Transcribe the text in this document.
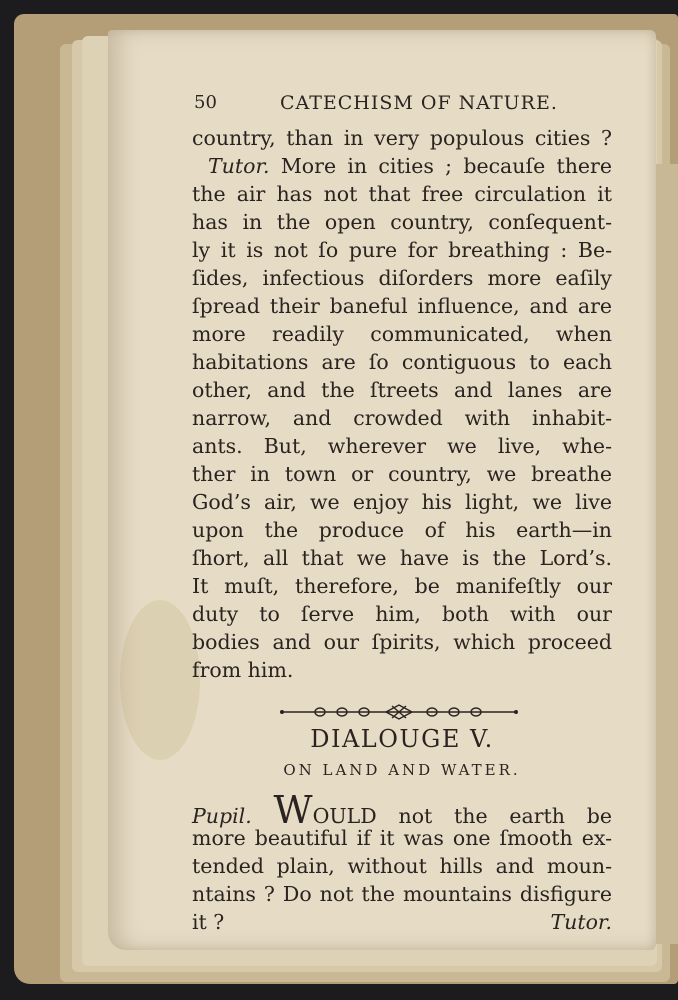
50	CATECHISM OF NATURE.
country, than in very populous cities ?
Tutor. More in cities ; becauſe there
the air has not that free circulation it
has in the open country, conſequent-
ly it is not ſo pure for breathing : Be-
ſides, infectious diſorders more eaſily
ſpread their baneful influence, and are
more readily communicated, when
habitations are ſo contiguous to each
other, and the ſtreets and lanes are
narrow, and crowded with inhabit-
ants. But, wherever we live, whe-
ther in town or country, we breathe
God’s air, we enjoy his light, we live
upon the produce of his earth—in
ſhort, all that we have is the Lord’s.
It muſt, therefore, be manifeſtly our
duty to ſerve him, both with our
bodies and our ſpirits, which proceed
from him.
DIALOUGE V.
ON LAND AND WATER.
Pupil. WOULD not the earth be
more beautiful if it was one ſmooth ex-
tended plain, without hills and moun-
ntains ? Do not the mountains disfigure
it ?	Tutor.
